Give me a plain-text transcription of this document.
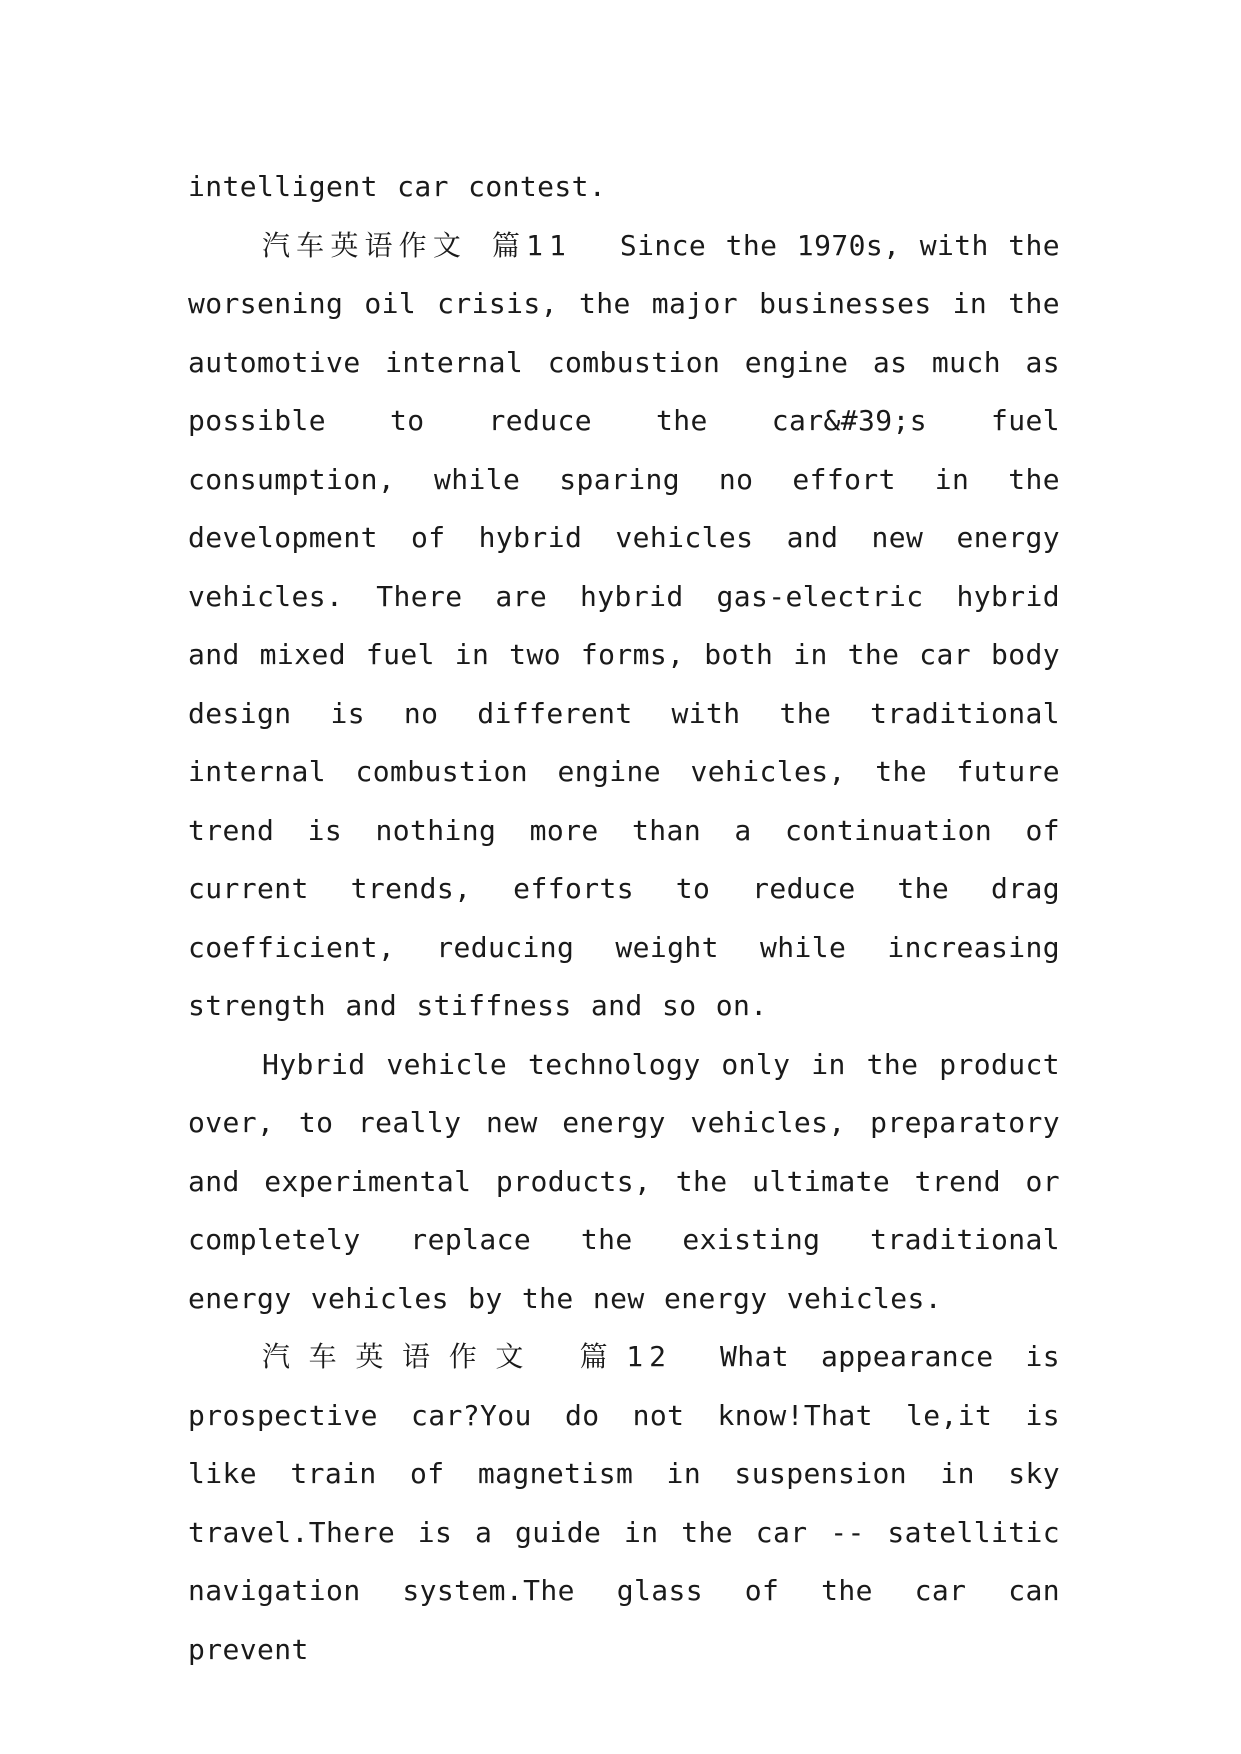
intelligent car contest.

汽车英语作文 篇11 Since the 1970s, with the worsening oil crisis, the major businesses in the automotive internal combustion engine as much as possible to reduce the car&#39;s fuel consumption, while sparing no effort in the development of hybrid vehicles and new energy vehicles. There are hybrid gas-electric hybrid and mixed fuel in two forms, both in the car body design is no different with the traditional internal combustion engine vehicles, the future trend is nothing more than a continuation of current trends, efforts to reduce the drag coefficient, reducing weight while increasing strength and stiffness and so on.

Hybrid vehicle technology only in the product over, to really new energy vehicles, preparatory and experimental products, the ultimate trend or completely replace the existing traditional energy vehicles by the new energy vehicles.

汽车英语作文 篇12 What appearance is prospective car?You do not know!That le,it is like train of magnetism in suspension in sky travel.There is a guide in the car -- satellitic navigation system.The glass of the car can prevent
